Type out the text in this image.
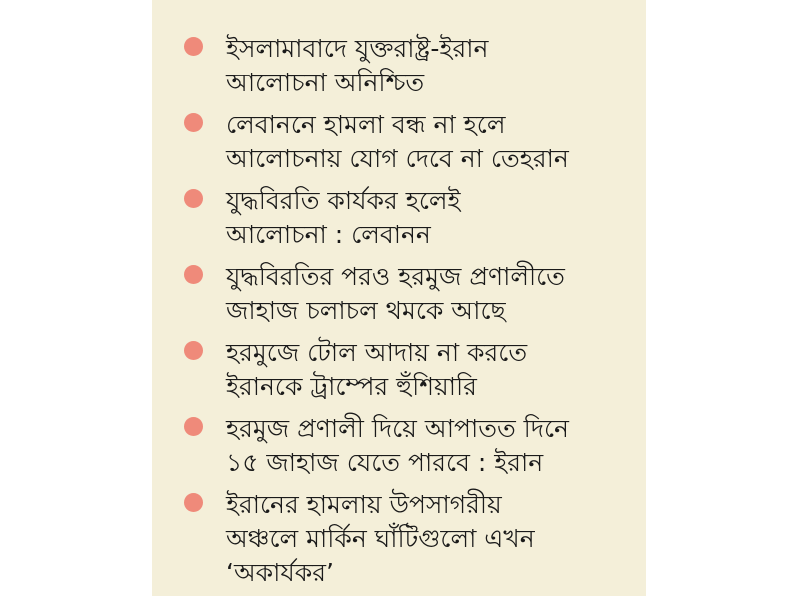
ইসলামাবাদে যুক্তরাষ্ট্র-ইরান
আলোচনা অনিশ্চিত
লেবাননে হামলা বন্ধ না হলে
আলোচনায় যোগ দেবে না তেহরান
যুদ্ধবিরতি কার্যকর হলেই
আলোচনা : লেবানন
যুদ্ধবিরতির পরও হরমুজ প্রণালীতে
জাহাজ চলাচল থমকে আছে
হরমুজে টোল আদায় না করতে
ইরানকে ট্রাম্পের হুঁশিয়ারি
হরমুজ প্রণালী দিয়ে আপাতত দিনে
১৫ জাহাজ যেতে পারবে : ইরান
ইরানের হামলায় উপসাগরীয়
অঞ্চলে মার্কিন ঘাঁটিগুলো এখন
‘অকার্যকর’
